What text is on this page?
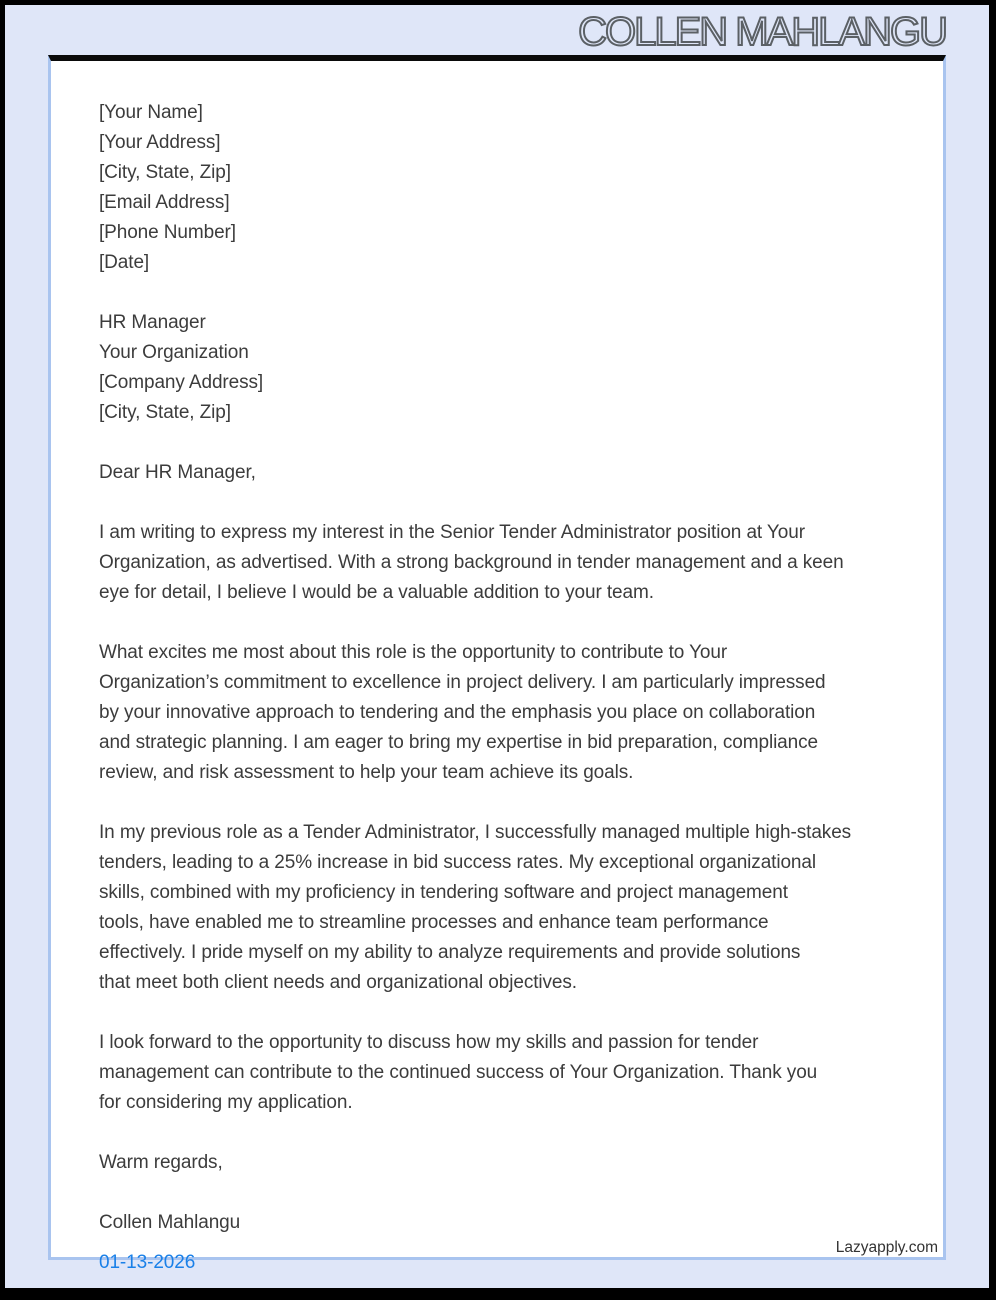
COLLEN MAHLANGU
[Your Name]
[Your Address]
[City, State, Zip]
[Email Address]
[Phone Number]
[Date]
HR Manager
Your Organization
[Company Address]
[City, State, Zip]
Dear HR Manager,
I am writing to express my interest in the Senior Tender Administrator position at Your
Organization, as advertised. With a strong background in tender management and a keen
eye for detail, I believe I would be a valuable addition to your team.
What excites me most about this role is the opportunity to contribute to Your
Organization’s commitment to excellence in project delivery. I am particularly impressed
by your innovative approach to tendering and the emphasis you place on collaboration
and strategic planning. I am eager to bring my expertise in bid preparation, compliance
review, and risk assessment to help your team achieve its goals.
In my previous role as a Tender Administrator, I successfully managed multiple high-stakes
tenders, leading to a 25% increase in bid success rates. My exceptional organizational
skills, combined with my proficiency in tendering software and project management
tools, have enabled me to streamline processes and enhance team performance
effectively. I pride myself on my ability to analyze requirements and provide solutions
that meet both client needs and organizational objectives.
I look forward to the opportunity to discuss how my skills and passion for tender
management can contribute to the continued success of Your Organization. Thank you
for considering my application.
Warm regards,
Collen Mahlangu
01-13-2026
Lazyapply.com
